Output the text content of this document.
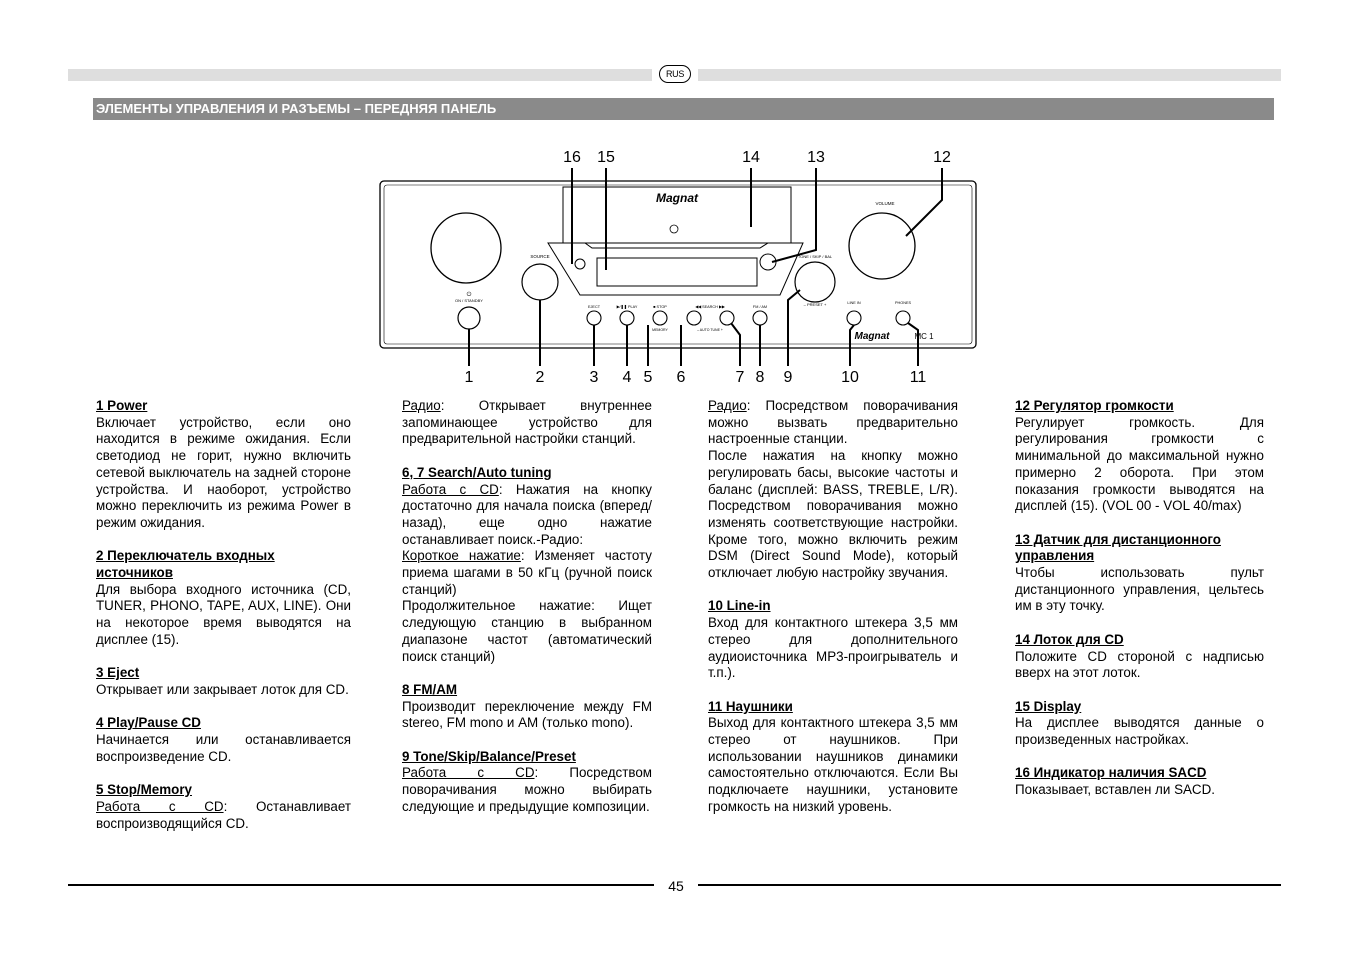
RUS
ЭЛЕМЕНТЫ УПРАВЛЕНИЯ И РАЗЪЕМЫ – ПЕРЕДНЯЯ ПАНЕЛЬ
Magnat
SOURCE
ON / STANDBY
⏻
VOLUME
TONE / SKIP / BAL
– PRESET +
EJECT	▶/❚❚ PLAY	■ STOP
MEMORY
◀◀ SEARCH ▶▶
– AUTO TUNE +
FM / AM
LINE IN	PHONES
Magnat	MC 1
16 15	14	13	12
1	2	3 4 5 6	7 8 9	10	11

1 Power

Включает устройство, если оно находится в режиме ожидания. Если светодиод не горит, нужно включить сетевой выключатель на задней стороне устройства. И наоборот, устройство можно переключить из режима Power в режим ожидания.

2 Переключатель входных источников

Для выбора входного источника (CD, TUNER, PHONO, TAPE, AUX, LINE). Они на некоторое время выводятся на дисплее (15).

3 Eject

Открывает или закрывает лоток для CD.

4 Play/Pause CD

Начинается или останавливается воспроизведение CD.

5 Stop/Memory

Работа с CD: Останавливает воспроизводящийся CD.

Радио: Открывает внутреннее запоминающее устройство для предварительной настройки станций.

6, 7 Search/Auto tuning

Работа с CD: Нажатия на кнопку достаточно для начала поиска (вперед/назад), еще одно нажатие останавливает поиск.-Радио:

Короткое нажатие: Изменяет частоту приема шагами в 50 кГц (ручной поиск станций)

Продолжительное нажатие: Ищет следующую станцию в выбранном диапазоне частот (автоматический поиск станций)

8 FM/AM

Производит переключение между FM stereo, FM mono и AM (только mono).

9 Tone/Skip/Balance/Preset

Работа с CD: Посредством поворачивания можно выбирать следующие и предыдущие композиции.

Радио: Посредством поворачивания можно вызвать предварительно настроенные станции.

После нажатия на кнопку можно регулировать басы, высокие частоты и баланс (дисплей: BASS, TREBLE, L/R). Посредством поворачивания можно изменять соответствующие настройки. Кроме того, можно включить режим DSM (Direct Sound Mode), который отключает любую настройку звучания.

10 Line-in

Вход для контактного штекера 3,5 мм стерео для дополнительного аудиоисточника MP3-проигрыватель и т.п.).

11 Наушники

Выход для контактного штекера 3,5 мм стерео от наушников. При использовании наушников динамики самостоятельно отключаются. Если Вы подключаете наушники, установите громкость на низкий уровень.

12 Регулятор громкости

Регулирует громкость. Для регулирования громкости с минимальной до максимальной нужно примерно 2 оборота. При этом показания громкости выводятся на дисплей (15). (VOL 00 - VOL 40/max)

13 Датчик для дистанционного управления

Чтобы использовать пульт дистанционного управления, цельтесь им в эту точку.

14 Лоток для CD

Положите CD стороной с надписью вверх на этот лоток.

15 Display

На дисплее выводятся данные о произведенных настройках.

16 Индикатор наличия SACD

Показывает, вставлен ли SACD.

45
